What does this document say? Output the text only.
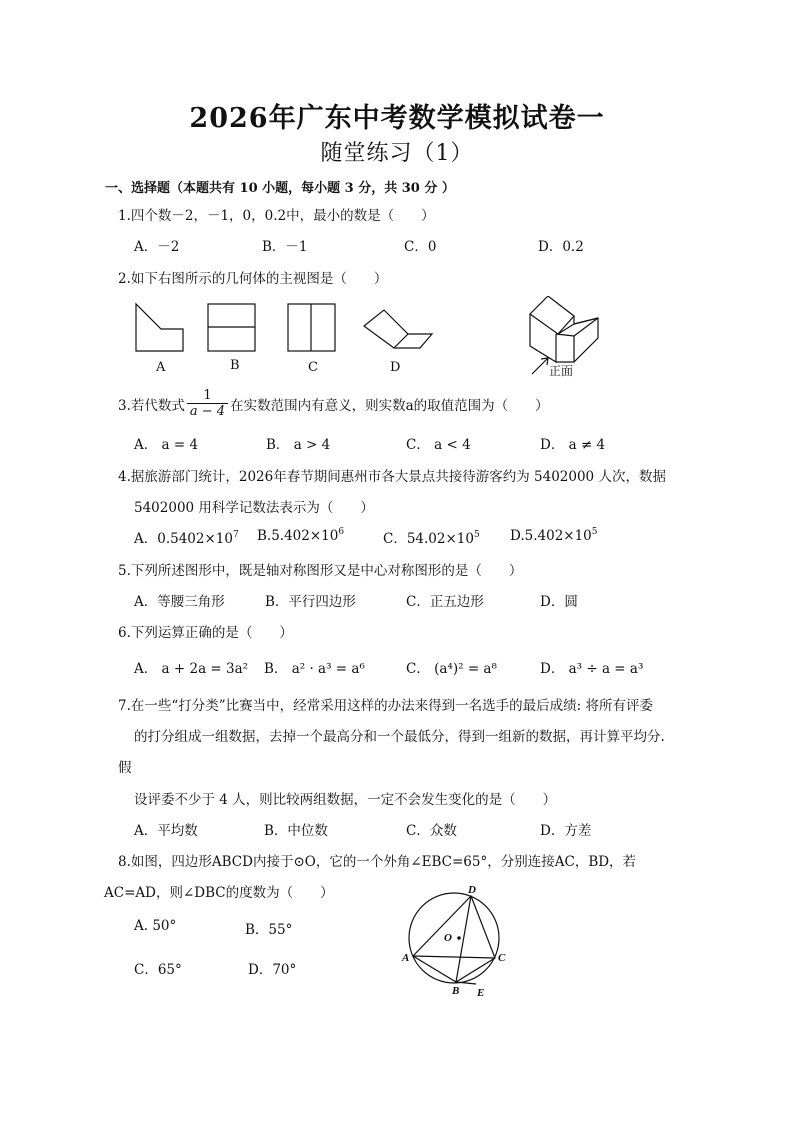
2026年广东中考数学模拟试卷一
随堂练习（1）
一、选择题（本题共有 10 小题，每小题 3 分，共 30 分 ）
1.四个数－2，－1，0，0.2中，最小的数是（　　）
A．－2	B．－1	C．0	D．0.2
2.如下右图所示的几何体的主视图是（　　）
A	B	C	D	正面
3.若代数式 $\frac{1}{a - 4}$ 在实数范围内有意义，则实数a的取值范围为（　　）
A． a = 4	B． a > 4	C． a < 4	D． a ≠ 4
4.据旅游部门统计，2026年春节期间惠州市各大景点共接待游客约为 5402000 人次，数据
5402000 用科学记数法表示为（　　）
A．$0.5402\times 10^7$ $B.5.402\times 10^6$	C．$54.02\times 10^5$ $D.5.402\times 10^5$
5.下列所述图形中，既是轴对称图形又是中心对称图形的是（　　）
A．等腰三角形	B．平行四边形	C．正五边形	D．圆
6.下列运算正确的是（　　）
A． a + 2a = 3a² B． a² · a³ = a⁶	C． (a⁴)² = a⁸	D． a³ ÷ a = a³
7.在一些“打分类”比赛当中，经常采用这样的办法来得到一名选手的最后成绩: 将所有评委
的打分组成一组数据，去掉一个最高分和一个最低分，得到一组新的数据，再计算平均分.
假
设评委不少于 4 人，则比较两组数据，一定不会发生变化的是（　　）
A．平均数	B．中位数	C．众数	D．方差
8.如图，四边形ABCD内接于⊙O，它的一个外角∠EBC=65°，分别连接AC，BD，若
AC=AD，则∠DBC的度数为（　　）
A. 50°	B．55°
C．65°	D．70°
D
O
A	C
B E
